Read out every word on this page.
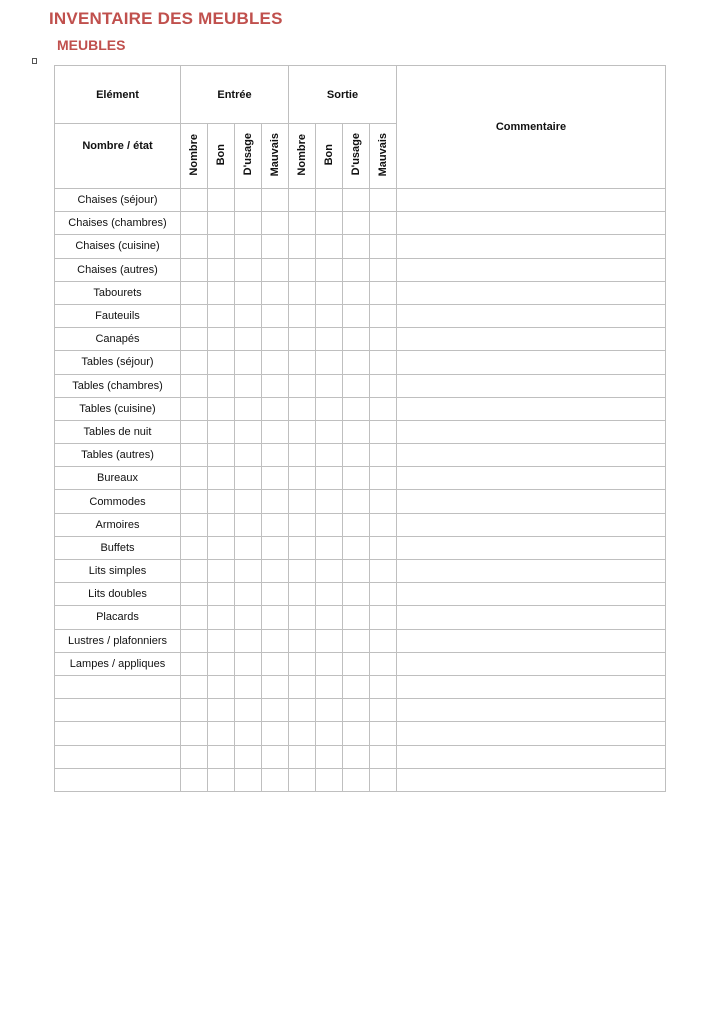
INVENTAIRE DES MEUBLES
MEUBLES
Elément	Entrée				Sortie				Commentaire

Nombre / état	Nombre	Bon	D'usage	Mauvais	Nombre	Bon	D'usage	Mauvais	
Chaises (séjour)									
Chaises (chambres)									
Chaises (cuisine)									
Chaises (autres)									
Tabourets									
Fauteuils									
Canapés									
Tables (séjour)									
Tables (chambres)									
Tables (cuisine)									
Tables de nuit									
Tables (autres)									
Bureaux									
Commodes									
Armoires									
Buffets									
Lits simples									
Lits doubles									
Placards									
Lustres / plafonniers									
Lampes / appliques									
